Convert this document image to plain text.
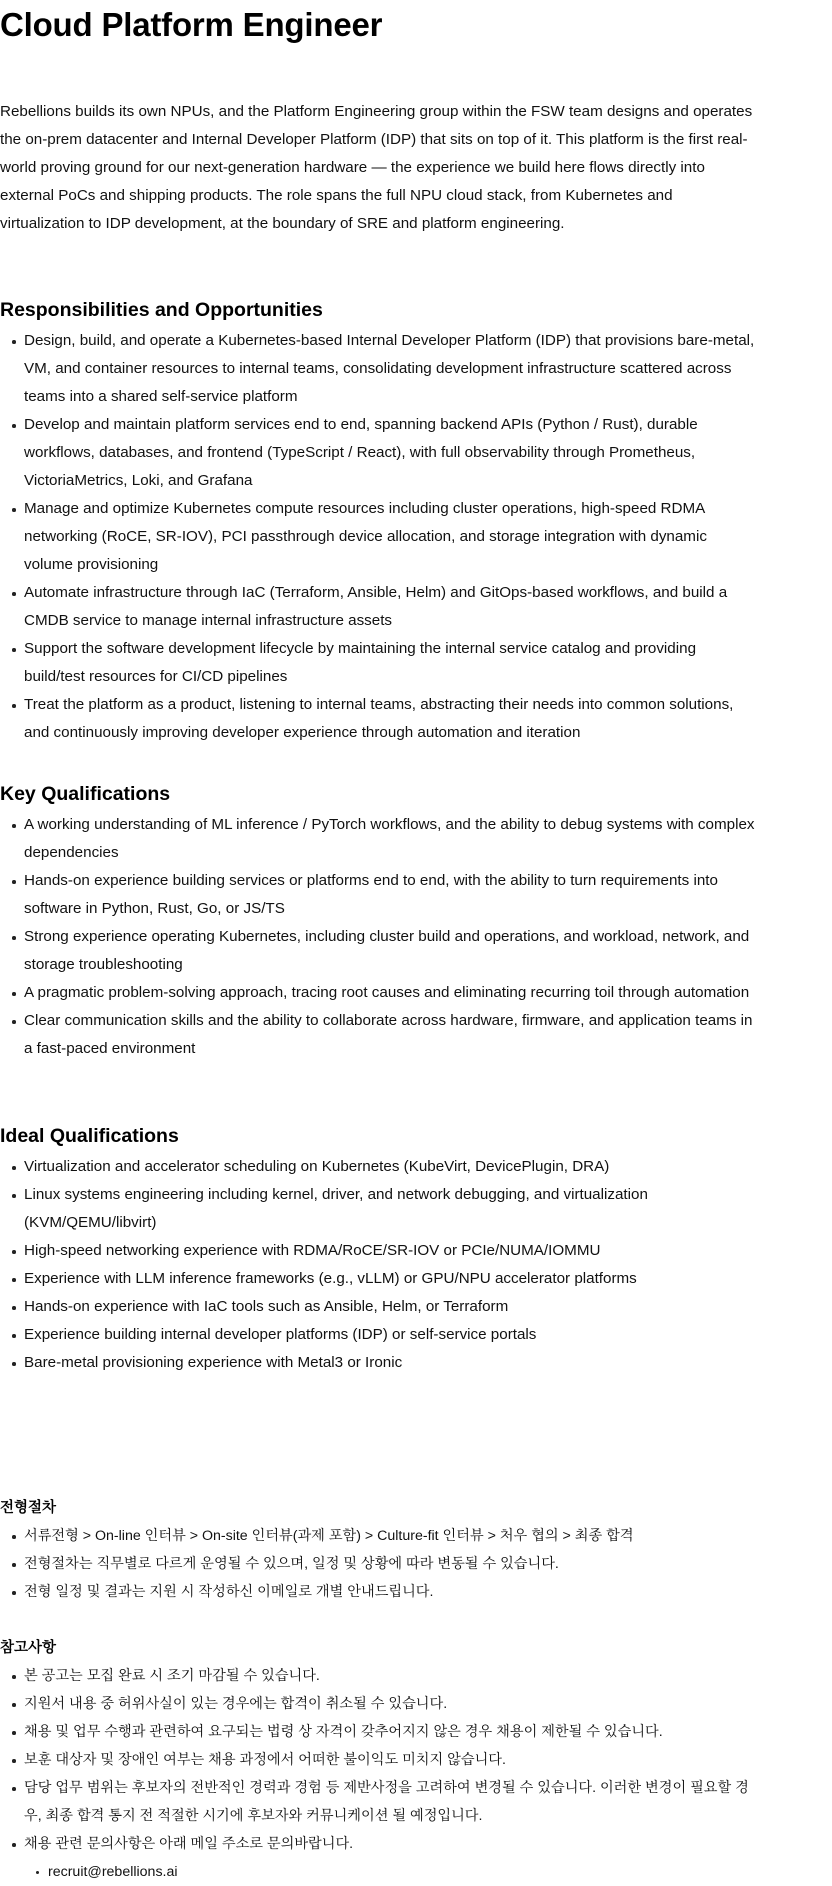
Cloud Platform Engineer

Rebellions builds its own NPUs, and the Platform Engineering group within the FSW team designs and operates the on-prem datacenter and Internal Developer Platform (IDP) that sits on top of it. This platform is the first real-world proving ground for our next-generation hardware — the experience we build here flows directly into external PoCs and shipping products. The role spans the full NPU cloud stack, from Kubernetes and virtualization to IDP development, at the boundary of SRE and platform engineering.

Responsibilities and Opportunities
Design, build, and operate a Kubernetes-based Internal Developer Platform (IDP) that provisions bare-metal, VM, and container resources to internal teams, consolidating development infrastructure scattered across teams into a shared self-service platform
Develop and maintain platform services end to end, spanning backend APIs (Python / Rust), durable workflows, databases, and frontend (TypeScript / React), with full observability through Prometheus, VictoriaMetrics, Loki, and Grafana
Manage and optimize Kubernetes compute resources including cluster operations, high-speed RDMA networking (RoCE, SR-IOV), PCI passthrough device allocation, and storage integration with dynamic volume provisioning
Automate infrastructure through IaC (Terraform, Ansible, Helm) and GitOps-based workflows, and build a CMDB service to manage internal infrastructure assets
Support the software development lifecycle by maintaining the internal service catalog and providing build/test resources for CI/CD pipelines
Treat the platform as a product, listening to internal teams, abstracting their needs into common solutions, and continuously improving developer experience through automation and iteration
Key Qualifications
A working understanding of ML inference / PyTorch workflows, and the ability to debug systems with complex dependencies
Hands-on experience building services or platforms end to end, with the ability to turn requirements into software in Python, Rust, Go, or JS/TS
Strong experience operating Kubernetes, including cluster build and operations, and workload, network, and storage troubleshooting
A pragmatic problem-solving approach, tracing root causes and eliminating recurring toil through automation
Clear communication skills and the ability to collaborate across hardware, firmware, and application teams in a fast-paced environment
Ideal Qualifications
Virtualization and accelerator scheduling on Kubernetes (KubeVirt, DevicePlugin, DRA)
Linux systems engineering including kernel, driver, and network debugging, and virtualization (KVM/QEMU/libvirt)
High-speed networking experience with RDMA/RoCE/SR-IOV or PCIe/NUMA/IOMMU
Experience with LLM inference frameworks (e.g., vLLM) or GPU/NPU accelerator platforms
Hands-on experience with IaC tools such as Ansible, Helm, or Terraform
Experience building internal developer platforms (IDP) or self-service portals
Bare-metal provisioning experience with Metal3 or Ironic
전형절차
서류전형 > On-line 인터뷰 > On-site 인터뷰(과제 포함) > Culture-fit 인터뷰 > 처우 협의 > 최종 합격
전형절차는 직무별로 다르게 운영될 수 있으며, 일정 및 상황에 따라 변동될 수 있습니다.
전형 일정 및 결과는 지원 시 작성하신 이메일로 개별 안내드립니다.
참고사항
본 공고는 모집 완료 시 조기 마감될 수 있습니다.
지원서 내용 중 허위사실이 있는 경우에는 합격이 취소될 수 있습니다.
채용 및 업무 수행과 관련하여 요구되는 법령 상 자격이 갖추어지지 않은 경우 채용이 제한될 수 있습니다.
보훈 대상자 및 장애인 여부는 채용 과정에서 어떠한 불이익도 미치지 않습니다.
담당 업무 범위는 후보자의 전반적인 경력과 경험 등 제반사정을 고려하여 변경될 수 있습니다. 이러한 변경이 필요할 경우, 최종 합격 통지 전 적절한 시기에 후보자와 커뮤니케이션 될 예정입니다.
채용 관련 문의사항은 아래 메일 주소로 문의바랍니다.
recruit@rebellions.ai
